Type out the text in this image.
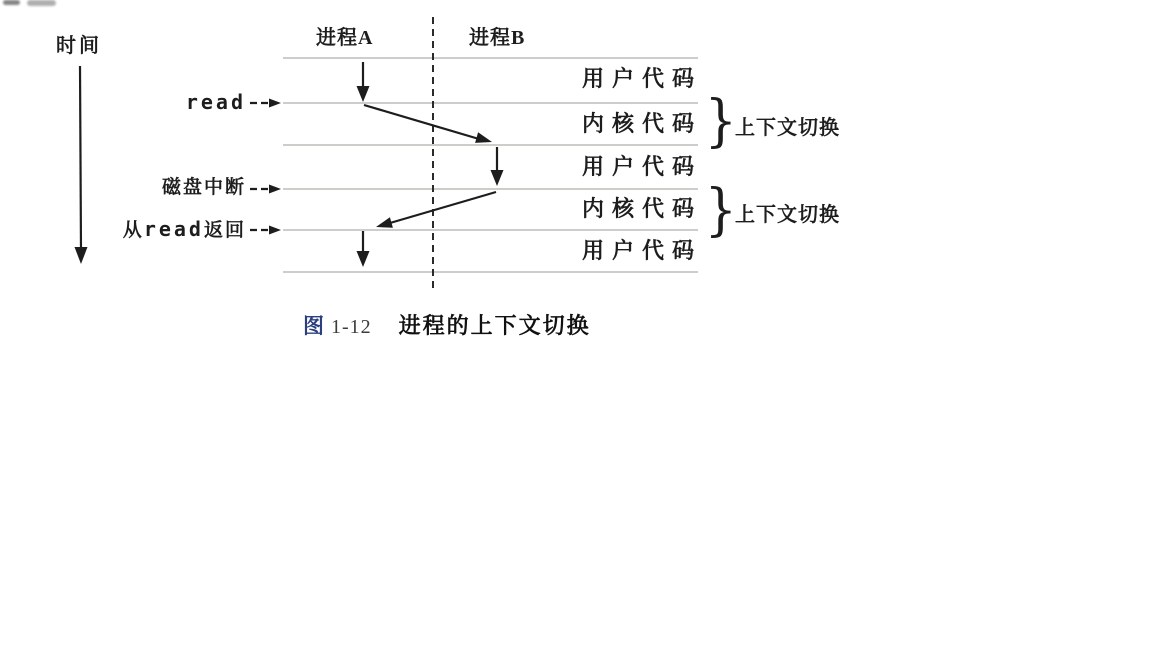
时间	进程A	进程B
read
磁盘中断
从read返回
用户代码
内核代码
用户代码
内核代码
用户代码
}
上下文切换
}
上下文切换
图 1-12 进程的上下文切换
